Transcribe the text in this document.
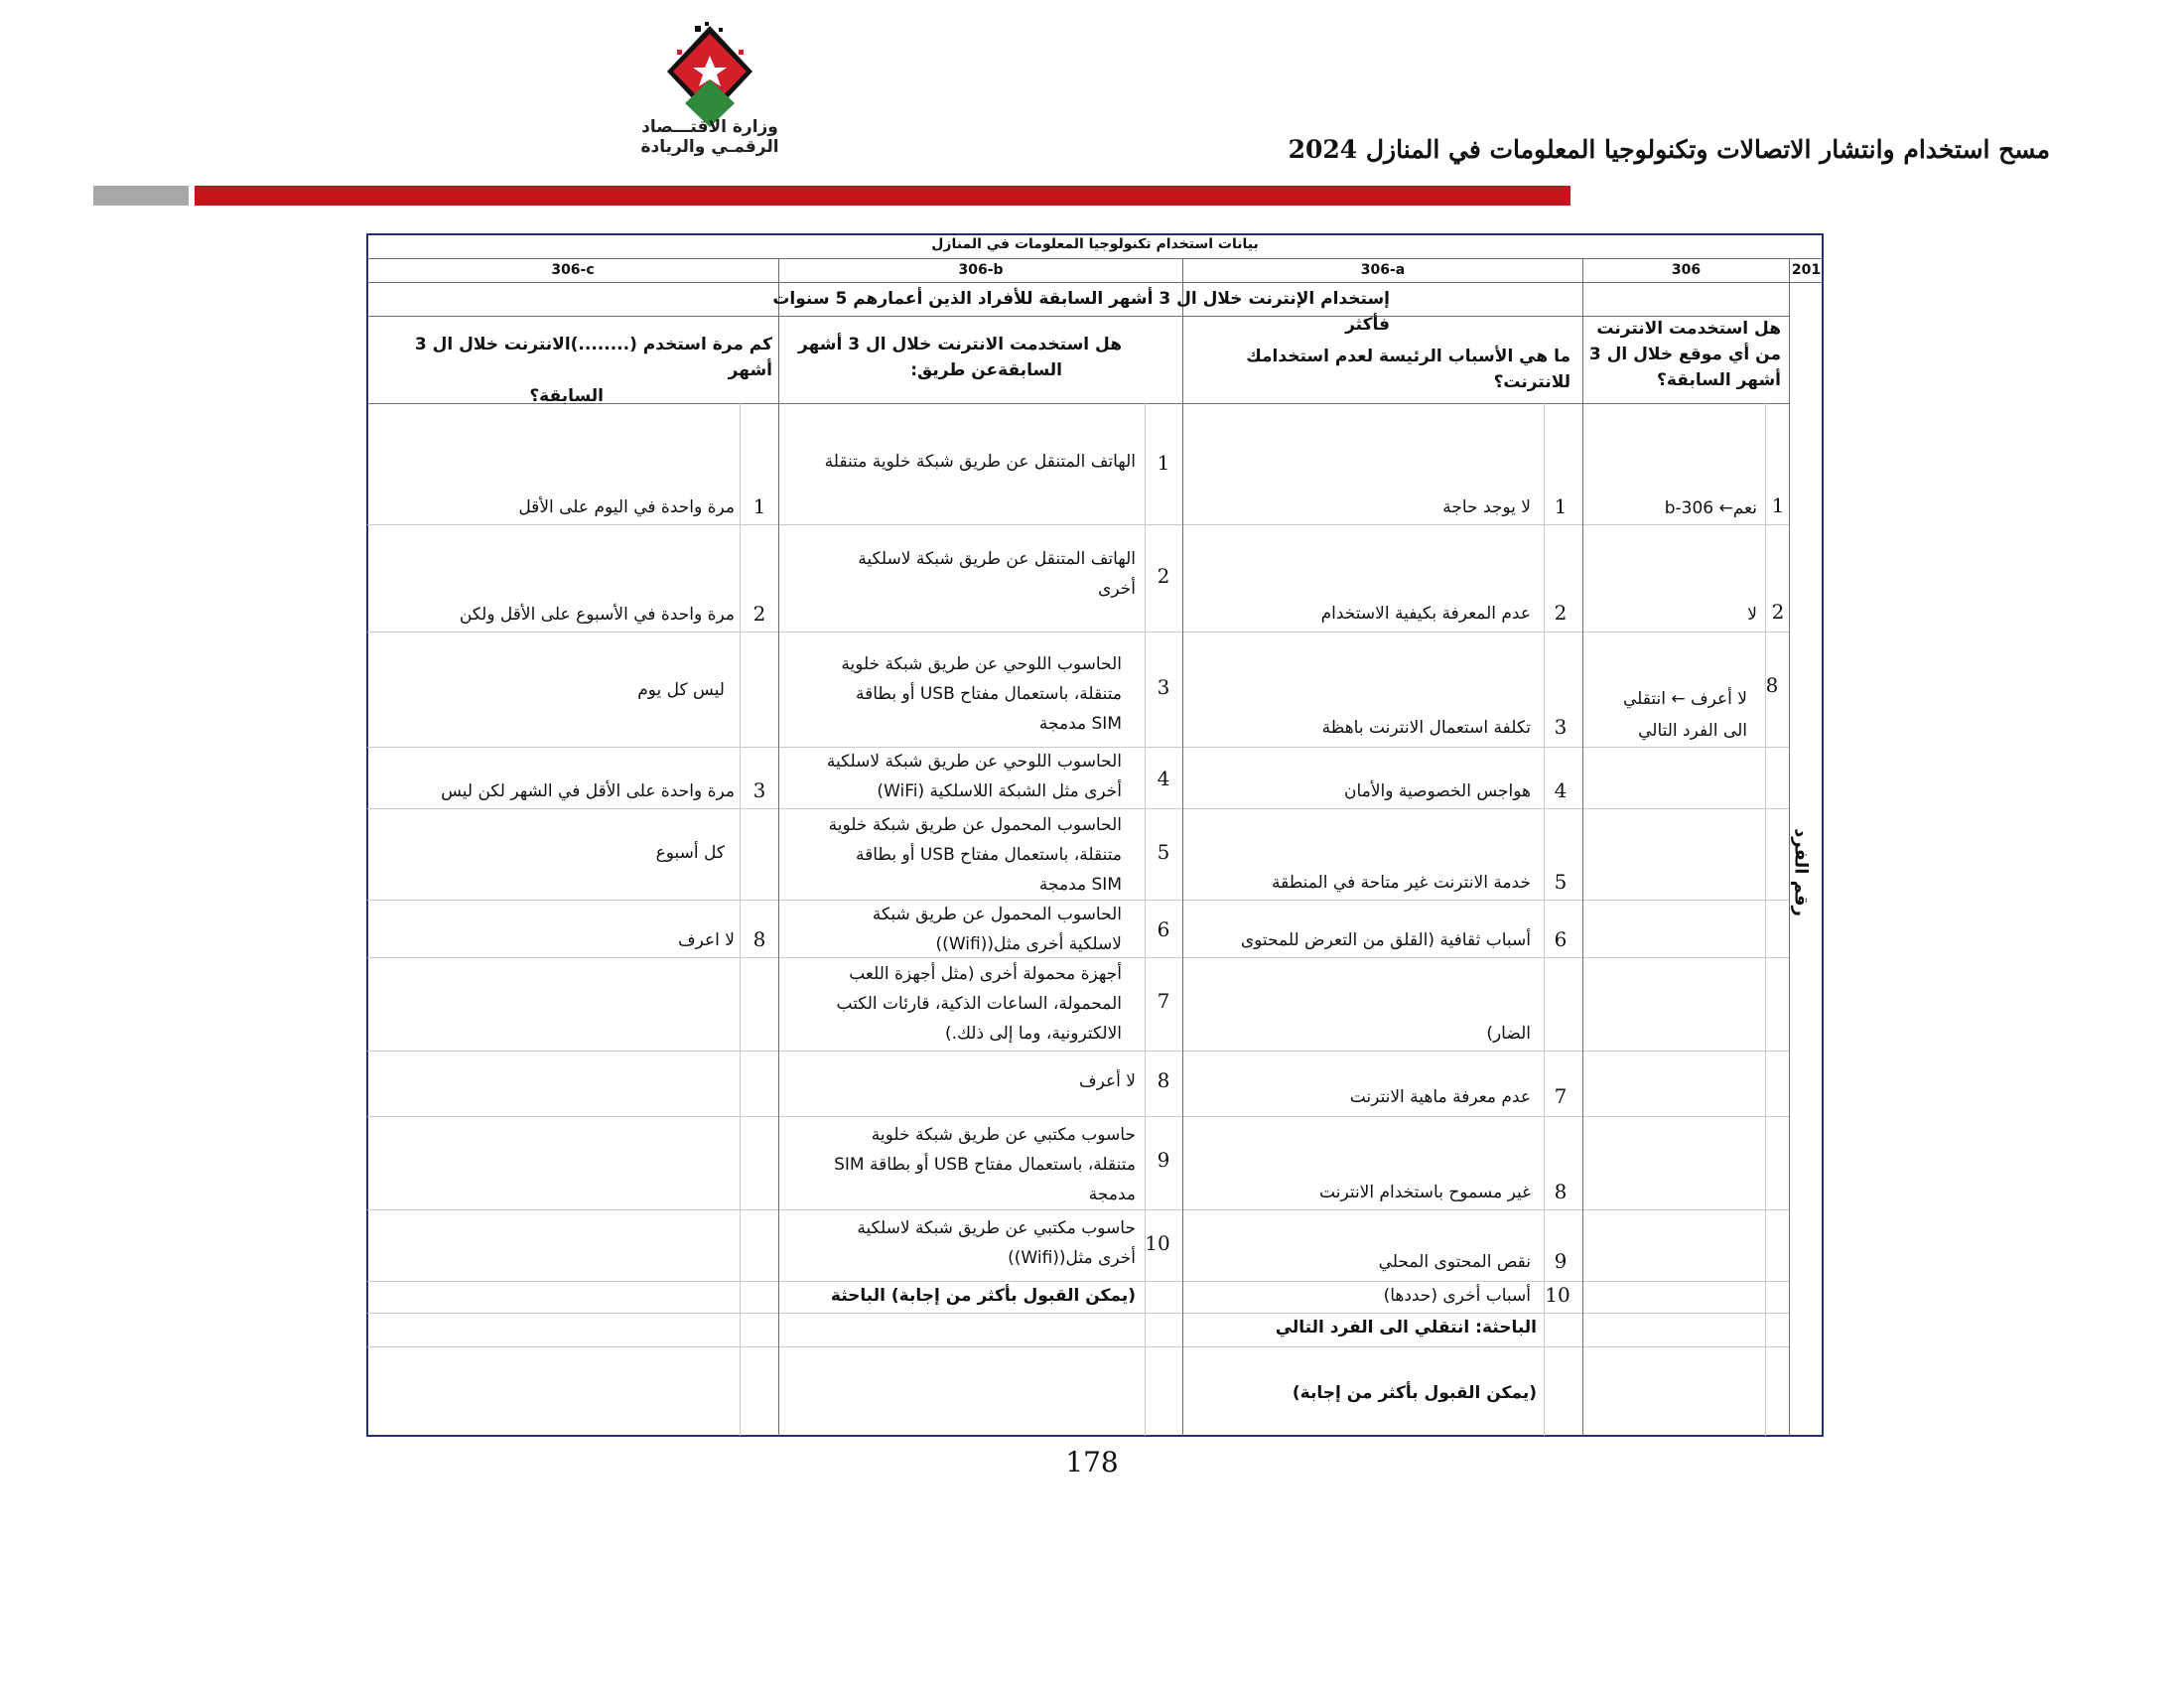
وزارة الاقتـــصاد
الرقمـي والريادة	مسح استخدام وانتشار الاتصالات وتكنولوجيا المعلومات في المنازل 2024
بيانات استخدام تكنولوجيا المعلومات في المنازل
201
306
306-a
306-b
306-c
إستخدام الإنترنت خلال ال 3 أشهر السابقة للأفراد الذين أعمارهم 5 سنوات فأكثر
رقم الفرد
هل استخدمت الانترنت
من أي موقع خلال ال 3
أشهر السابقة؟
ما هي الأسباب الرئيسة لعدم استخدامك للانترنت؟
هل استخدمت الانترنت خلال ال 3 أشهر
السابقةعن طريق:
كم مرة استخدم (........)الانترنت خلال ال 3 أشهر
السابقة؟
1
نعم← 306-b
2
لا
8
لا أعرف ← انتقلي
الى الفرد التالي
1
لا يوجد حاجة
2
عدم المعرفة بكيفية الاستخدام
3
تكلفة استعمال الانترنت باهظة
4
هواجس الخصوصية والأمان
5
خدمة الانترنت غير متاحة في المنطقة
6
أسباب ثقافية (القلق من التعرض للمحتوى
الضار)
7
عدم معرفة ماهية الانترنت
8
غير مسموح باستخدام الانترنت
9
نقص المحتوى المحلي
10
أسباب أخرى (حددها)
الباحثة: انتقلي الى الفرد التالي
(يمكن القبول بأكثر من إجابة)
1
الهاتف المتنقل عن طريق شبكة خلوية متنقلة
2
الهاتف المتنقل عن طريق شبكة لاسلكية
أخرى
3
الحاسوب اللوحي عن طريق شبكة خلوية
متنقلة، باستعمال مفتاح USB أو بطاقة
SIM مدمجة
4
الحاسوب اللوحي عن طريق شبكة لاسلكية
أخرى مثل الشبكة اللاسلكية (WiFi)
5
الحاسوب المحمول عن طريق شبكة خلوية
متنقلة، باستعمال مفتاح USB أو بطاقة
SIM مدمجة
6
الحاسوب المحمول عن طريق شبكة
لاسلكية أخرى مثل((Wifi))
7
أجهزة محمولة أخرى (مثل أجهزة اللعب
المحمولة، الساعات الذكية، قارئات الكتب
الالكترونية، وما إلى ذلك.)
8
لا أعرف
9
حاسوب مكتبي عن طريق شبكة خلوية
متنقلة، باستعمال مفتاح USB أو بطاقة SIM
مدمجة
10
حاسوب مكتبي عن طريق شبكة لاسلكية
أخرى مثل((Wifi))
(يمكن القبول بأكثر من إجابة) الباحثة
1
مرة واحدة في اليوم على الأقل
2
مرة واحدة في الأسبوع على الأقل ولكن
ليس كل يوم
3
مرة واحدة على الأقل في الشهر لكن ليس
كل أسبوع
8
لا اعرف
178
